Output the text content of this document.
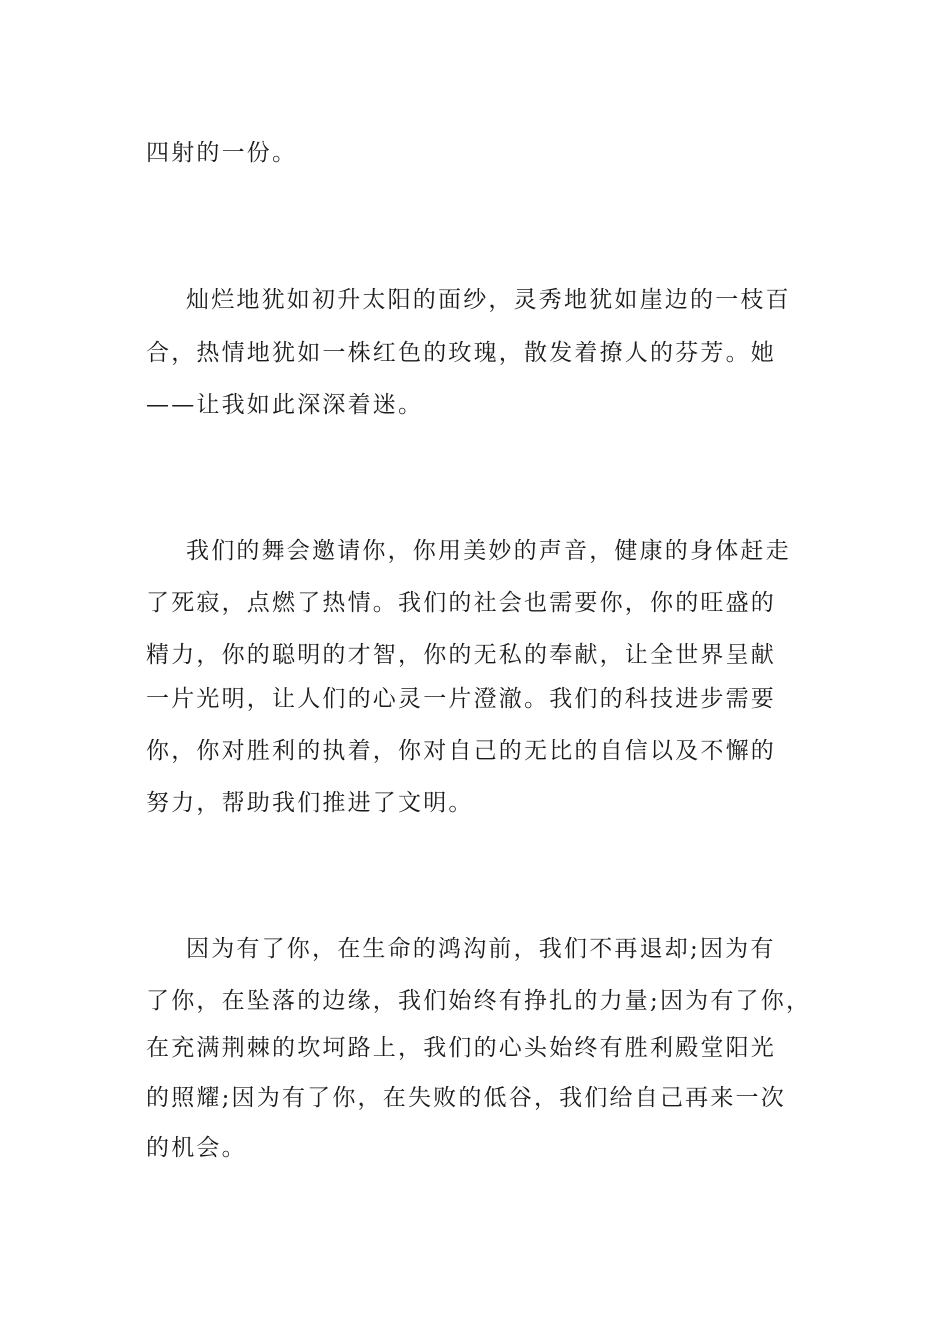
四射的一份。
灿烂地犹如初升太阳的面纱，灵秀地犹如崖边的一枝百
合，热情地犹如一株红色的玫瑰，散发着撩人的芬芳。她
——让我如此深深着迷。
我们的舞会邀请你，你用美妙的声音，健康的身体赶走
了死寂，点燃了热情。我们的社会也需要你，你的旺盛的
精力，你的聪明的才智，你的无私的奉献，让全世界呈献
一片光明，让人们的心灵一片澄澈。我们的科技进步需要
你，你对胜利的执着，你对自己的无比的自信以及不懈的
努力，帮助我们推进了文明。
因为有了你，在生命的鸿沟前，我们不再退却;因为有
了你，在坠落的边缘，我们始终有挣扎的力量;因为有了你，
在充满荆棘的坎坷路上，我们的心头始终有胜利殿堂阳光
的照耀;因为有了你，在失败的低谷，我们给自己再来一次
的机会。
